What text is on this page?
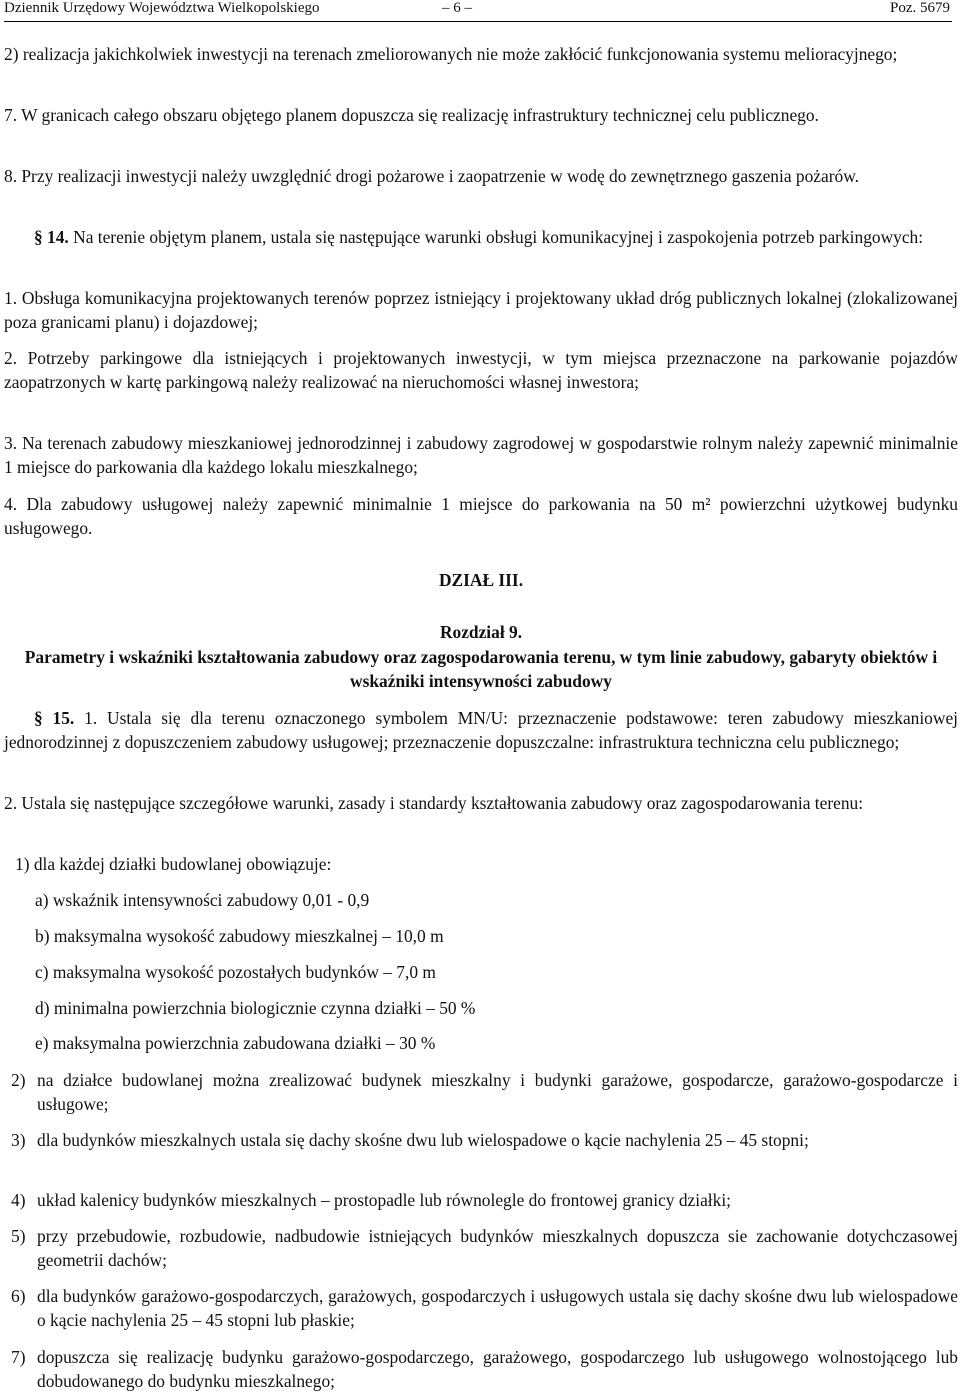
Dziennik Urzędowy Województwa Wielkopolskiego	– 6 –	Poz. 5679

2) realizacja jakichkolwiek inwestycji na terenach zmeliorowanych nie może zakłócić funkcjonowania systemu melioracyjnego;

7. W granicach całego obszaru objętego planem dopuszcza się realizację infrastruktury technicznej celu publicznego.

8. Przy realizacji inwestycji należy uwzględnić drogi pożarowe i zaopatrzenie w wodę do zewnętrznego gaszenia pożarów.

§ 14. Na terenie objętym planem, ustala się następujące warunki obsługi komunikacyjnej i zaspokojenia potrzeb parkingowych:

1. Obsługa komunikacyjna projektowanych terenów poprzez istniejący i projektowany układ dróg publicznych lokalnej (zlokalizowanej poza granicami planu) i dojazdowej;

2. Potrzeby parkingowe dla istniejących i projektowanych inwestycji, w tym miejsca przeznaczone na parkowanie pojazdów zaopatrzonych w kartę parkingową należy realizować na nieruchomości własnej inwestora;

3. Na terenach zabudowy mieszkaniowej jednorodzinnej i zabudowy zagrodowej w gospodarstwie rolnym należy zapewnić minimalnie 1 miejsce do parkowania dla każdego lokalu mieszkalnego;

4. Dla zabudowy usługowej należy zapewnić minimalnie 1 miejsce do parkowania na 50 m² powierzchni użytkowej budynku usługowego.

DZIAŁ III.

Rozdział 9.

Parametry i wskaźniki kształtowania zabudowy oraz zagospodarowania terenu, w tym linie zabudowy, gabaryty obiektów i wskaźniki intensywności zabudowy

§ 15. 1. Ustala się dla terenu oznaczonego symbolem MN/U: przeznaczenie podstawowe: teren zabudowy mieszkaniowej jednorodzinnej z dopuszczeniem zabudowy usługowej; przeznaczenie dopuszczalne: infrastruktura techniczna celu publicznego;

2. Ustala się następujące szczegółowe warunki, zasady i standardy kształtowania zabudowy oraz zagospodarowania terenu:

1) dla każdej działki budowlanej obowiązuje:

a) wskaźnik intensywności zabudowy 0,01 - 0,9

b) maksymalna wysokość zabudowy mieszkalnej – 10,0 m

c) maksymalna wysokość pozostałych budynków – 7,0 m

d) minimalna powierzchnia biologicznie czynna działki – 50 %

e) maksymalna powierzchnia zabudowana działki – 30 %

2) na działce budowlanej można zrealizować budynek mieszkalny i budynki garażowe, gospodarcze, garażowo-gospodarcze i usługowe;
3) dla budynków mieszkalnych ustala się dachy skośne dwu lub wielospadowe o kącie nachylenia 25 – 45 stopni;
4) układ kalenicy budynków mieszkalnych – prostopadle lub równolegle do frontowej granicy działki;
5) przy przebudowie, rozbudowie, nadbudowie istniejących budynków mieszkalnych dopuszcza sie zachowanie dotychczasowej geometrii dachów;
6) dla budynków garażowo-gospodarczych, garażowych, gospodarczych i usługowych ustala się dachy skośne dwu lub wielospadowe o kącie nachylenia 25 – 45 stopni lub płaskie;
7) dopuszcza się realizację budynku garażowo-gospodarczego, garażowego, gospodarczego lub usługowego wolnostojącego lub dobudowanego do budynku mieszkalnego;
